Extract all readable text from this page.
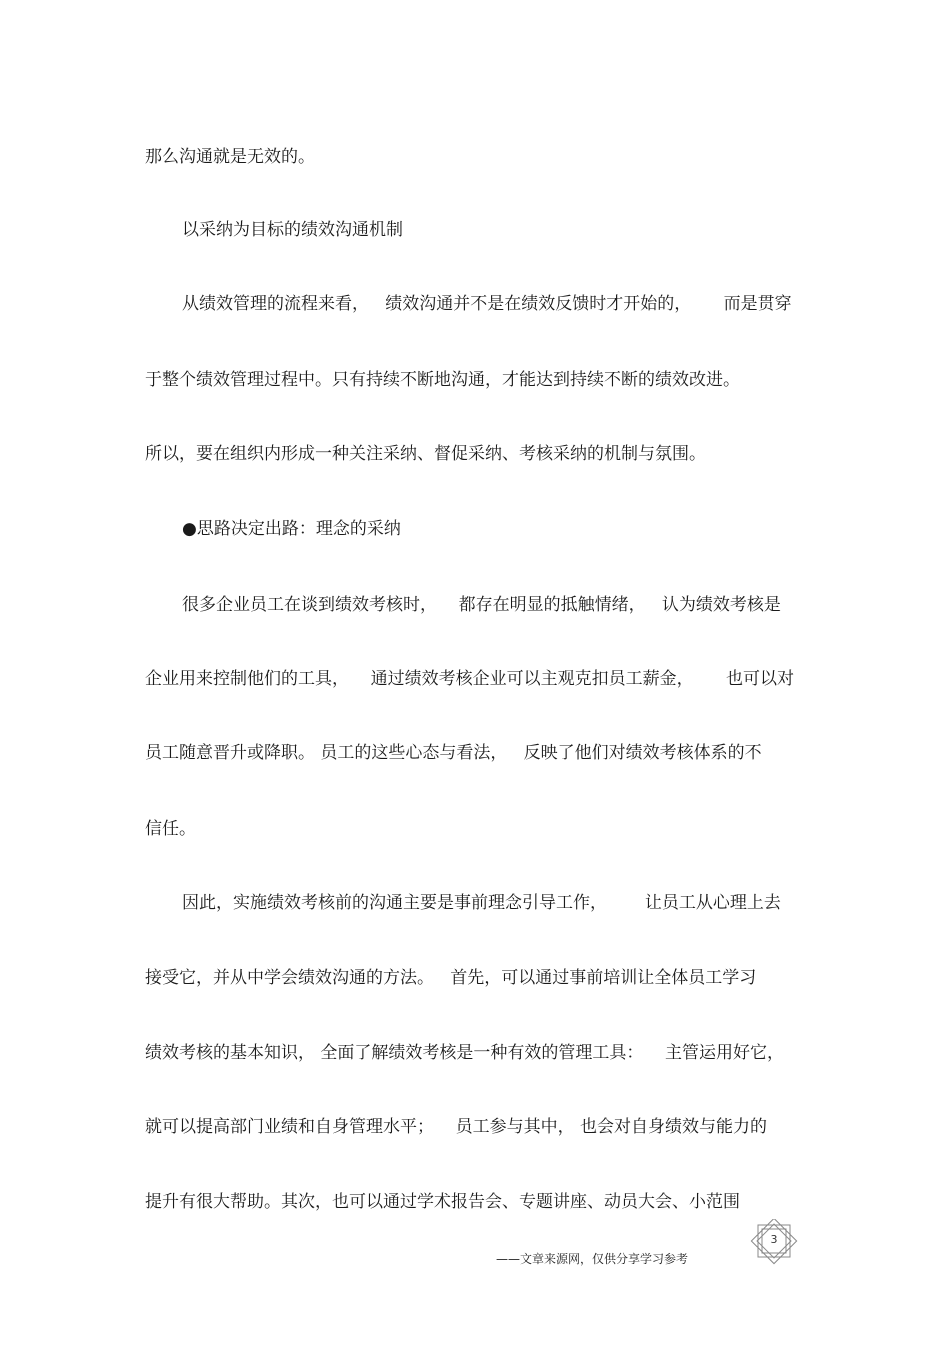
那么沟通就是无效的。

以采纳为目标的绩效沟通机制

从绩效管理的流程来看，   绩效沟通并不是在绩效反馈时才开始的，      而是贯穿

于整个绩效管理过程中。只有持续不断地沟通，才能达到持续不断的绩效改进。

所以，要在组织内形成一种关注采纳、督促采纳、考核采纳的机制与氛围。

●思路决定出路：理念的采纳

很多企业员工在谈到绩效考核时，    都存在明显的抵触情绪，   认为绩效考核是

企业用来控制他们的工具，    通过绩效考核企业可以主观克扣员工薪金，      也可以对

员工随意晋升或降职。 员工的这些心态与看法，   反映了他们对绩效考核体系的不

信任。

因此，实施绩效考核前的沟通主要是事前理念引导工作，       让员工从心理上去

接受它，并从中学会绩效沟通的方法。   首先，可以通过事前培训让全体员工学习

绩效考核的基本知识， 全面了解绩效考核是一种有效的管理工具：    主管运用好它，

就可以提高部门业绩和自身管理水平；    员工参与其中， 也会对自身绩效与能力的

提升有很大帮助。其次，也可以通过学术报告会、专题讲座、动员大会、小范围

3
——文章来源网，仅供分享学习参考
